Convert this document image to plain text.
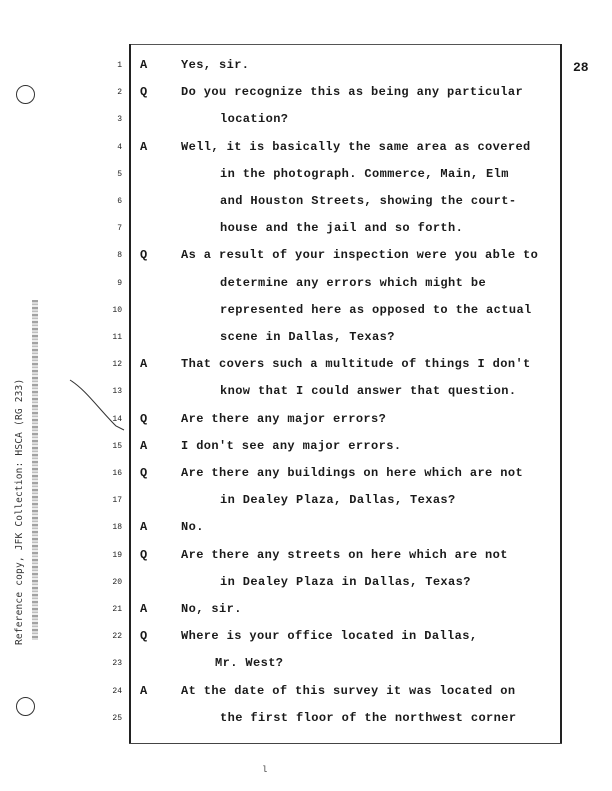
28
Reference copy, JFK Collection: HSCA (RG 233)
1 A	Yes, sir.
2 Q	Do you recognize this as being any particular
3	location?
4 A	Well, it is basically the same area as covered
5	in the photograph. Commerce, Main, Elm
6	and Houston Streets, showing the court-
7	house and the jail and so forth.
8 Q	As a result of your inspection were you able to
9	determine any errors which might be
10	represented here as opposed to the actual
11	scene in Dallas, Texas?
12 A	That covers such a multitude of things I don't
13	know that I could answer that question.
14 Q	Are there any major errors?
15 A	I don't see any major errors.
16 Q	Are there any buildings on here which are not
17	in Dealey Plaza, Dallas, Texas?
18 A	No.
19 Q	Are there any streets on here which are not
20	in Dealey Plaza in Dallas, Texas?
21 A	No, sir.
22 Q	Where is your office located in Dallas,
23	Mr. West?
24 A	At the date of this survey it was located on
25	the first floor of the northwest corner
l
